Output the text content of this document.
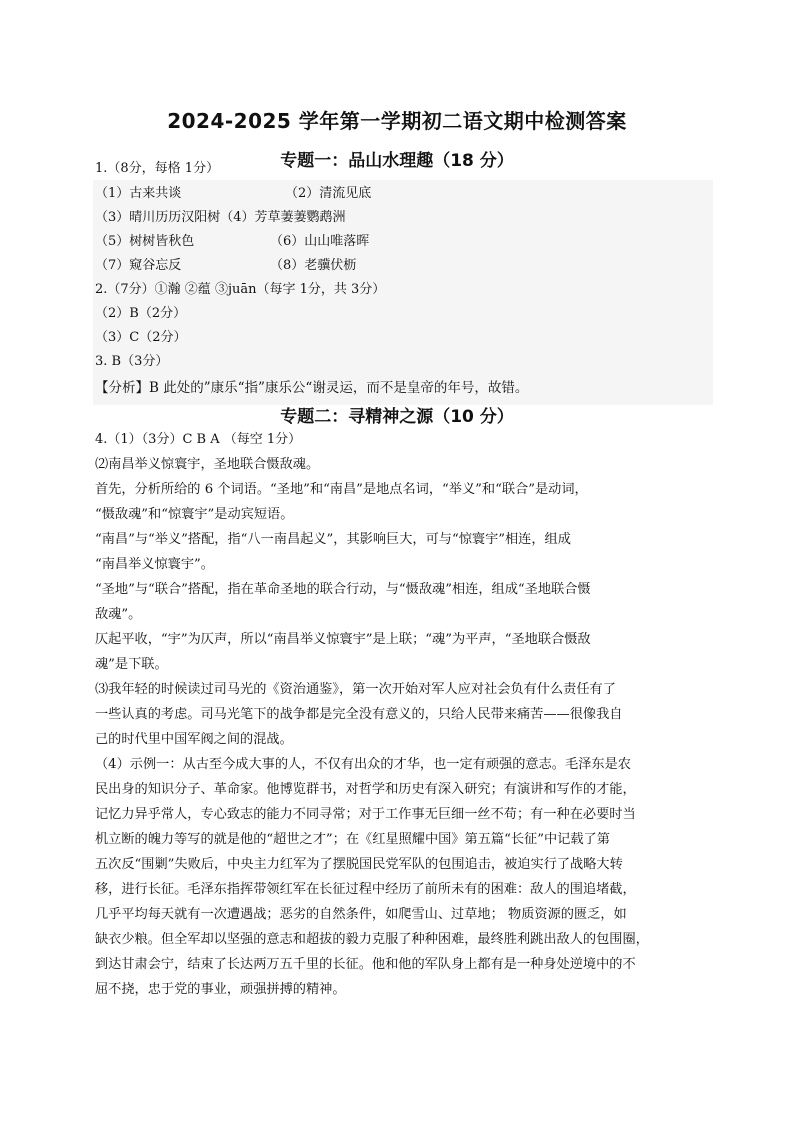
2024-2025 学年第一学期初二语文期中检测答案
专题一：品山水理趣（18 分）
1.（8分，每格 1分）
（1）古来共谈	（2）清流见底
（3）晴川历历汉阳树（4）芳草萋萋鹦鹉洲
（5）树树皆秋色	（6）山山唯落晖
（7）窥谷忘反	（8）老骥伏枥
2.（7分）①瀚 ②蕴 ③juān（每字 1分，共 3分）
（2）B（2分）
（3）C（2分）
3. B（3分）
【分析】B 此处的”康乐“指”康乐公“谢灵运，而不是皇帝的年号，故错。
专题二：寻精神之源（10 分）
4.（1）（3分）C B A （每空 1分）
⑵南昌举义惊寰宇，圣地联合慑敌魂。
首先，分析所给的 6 个词语。“圣地”和“南昌”是地点名词，“举义”和“联合”是动词，
“慑敌魂”和“惊寰宇”是动宾短语。
“南昌”与“举义”搭配，指“八一南昌起义”，其影响巨大，可与“惊寰宇”相连，组成
“南昌举义惊寰宇”。
“圣地”与“联合”搭配，指在革命圣地的联合行动，与“慑敌魂”相连，组成“圣地联合慑
敌魂”。
仄起平收，“宇”为仄声，所以“南昌举义惊寰宇”是上联；“魂”为平声，“圣地联合慑敌
魂”是下联。
⑶我年轻的时候读过司马光的《资治通鉴》，第一次开始对军人应对社会负有什么责任有了
一些认真的考虑。司马光笔下的战争都是完全没有意义的，只给人民带来痛苦——很像我自
己的时代里中国军阀之间的混战。
（4）示例一：从古至今成大事的人，不仅有出众的才华，也一定有顽强的意志。毛泽东是农
民出身的知识分子、革命家。他博览群书，对哲学和历史有深入研究；有演讲和写作的才能，
记忆力异乎常人，专心致志的能力不同寻常；对于工作事无巨细一丝不苟；有一种在必要时当
机立断的魄力等写的就是他的“超世之才”；在《红星照耀中国》第五篇“长征”中记载了第
五次反“围剿”失败后，中央主力红军为了摆脱国民党军队的包围追击，被迫实行了战略大转
移，进行长征。毛泽东指挥带领红军在长征过程中经历了前所未有的困难：敌人的围追堵截，
几乎平均每天就有一次遭遇战；恶劣的自然条件，如爬雪山、过草地； 物质资源的匮乏，如
缺衣少粮。但全军却以坚强的意志和超拔的毅力克服了种种困难，最终胜利跳出敌人的包围圈，
到达甘肃会宁，结束了长达两万五千里的长征。他和他的军队身上都有是一种身处逆境中的不
屈不挠，忠于党的事业，顽强拼搏的精神。
